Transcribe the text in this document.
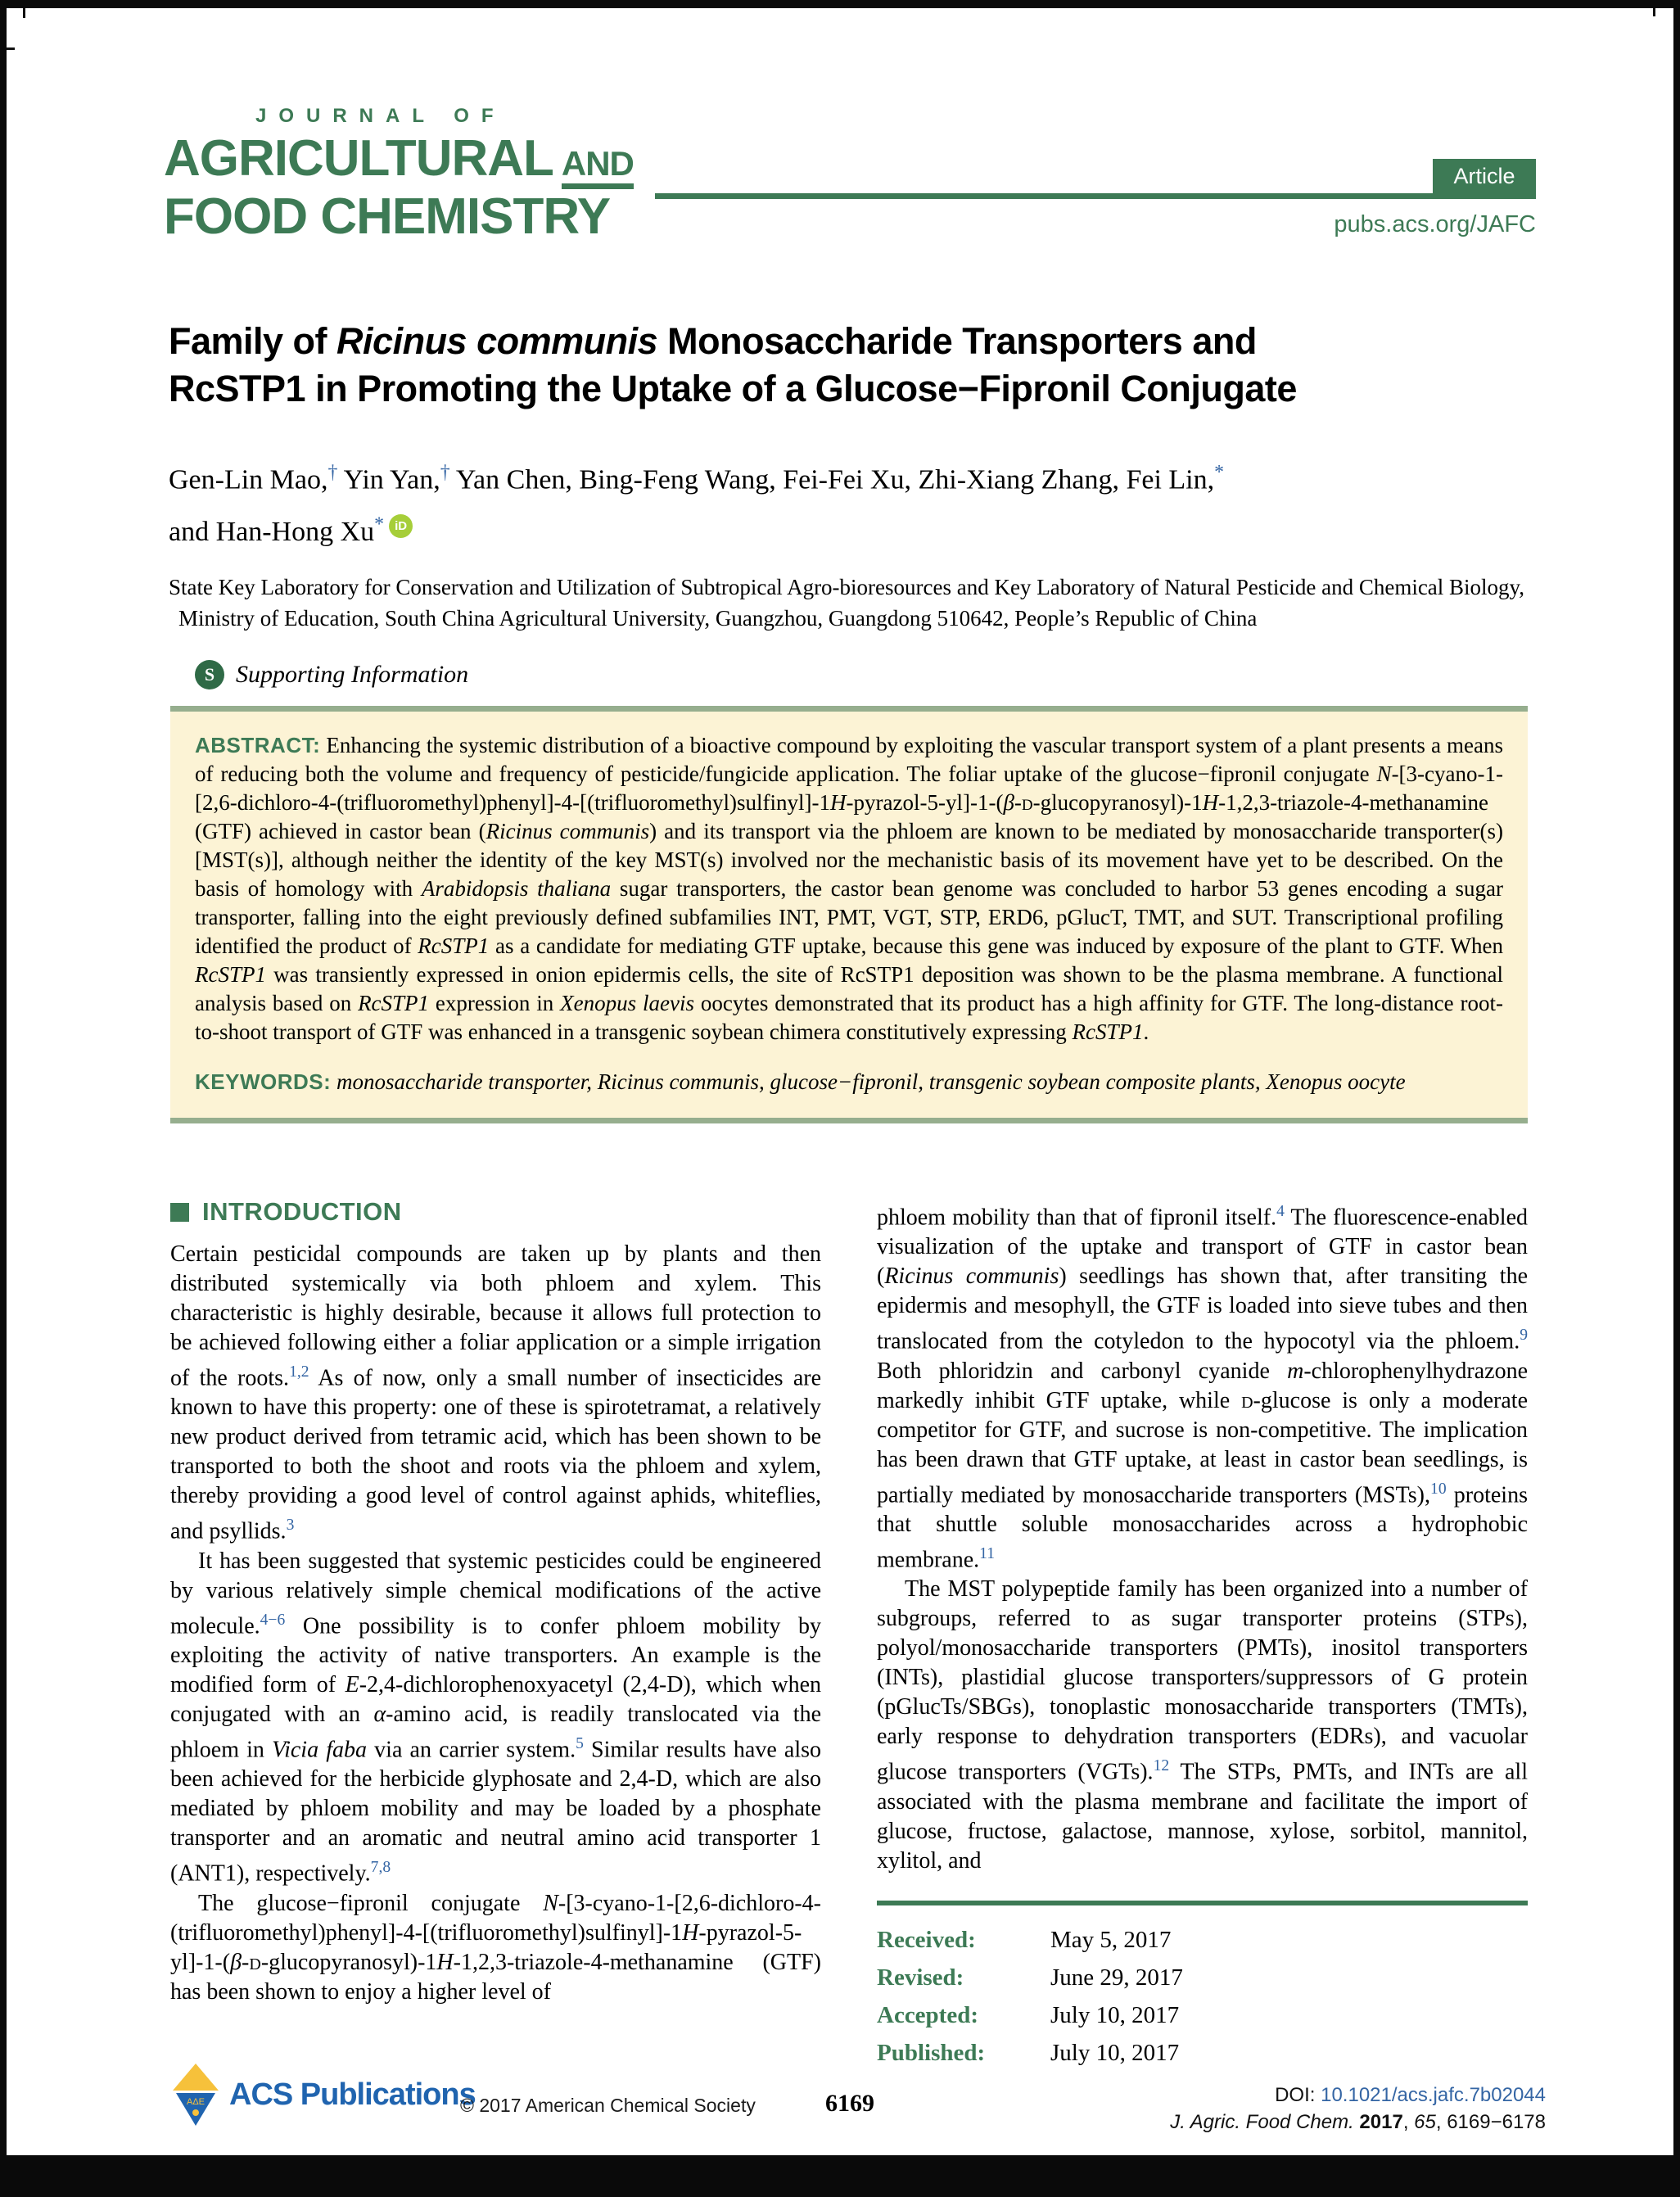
JOURNAL OF
AGRICULTURAL AND
FOOD CHEMISTRY
Article
pubs.acs.org/JAFC
Family of Ricinus communis Monosaccharide Transporters and
RcSTP1 in Promoting the Uptake of a Glucose−Fipronil Conjugate
Gen-Lin Mao,† Yin Yan,† Yan Chen, Bing-Feng Wang, Fei-Fei Xu, Zhi-Xiang Zhang, Fei Lin,*
and Han-Hong Xu* iD
State Key Laboratory for Conservation and Utilization of Subtropical Agro-bioresources and Key Laboratory of Natural Pesticide and Chemical Biology, Ministry of Education, South China Agricultural University, Guangzhou, Guangdong 510642, People’s Republic of China
S Supporting Information

ABSTRACT: Enhancing the systemic distribution of a bioactive compound by exploiting the vascular transport system of a plant presents a means of reducing both the volume and frequency of pesticide/fungicide application. The foliar uptake of the glucose−fipronil conjugate N-[3-cyano-1-[2,6-dichloro-4-(trifluoromethyl)phenyl]-4-[(trifluoromethyl)sulfinyl]-1H-pyrazol-5-yl]-1-(β-d-glucopyranosyl)-1H-1,2,3-triazole-4-methanamine (GTF) achieved in castor bean (Ricinus communis) and its transport via the phloem are known to be mediated by monosaccharide transporter(s) [MST(s)], although neither the identity of the key MST(s) involved nor the mechanistic basis of its movement have yet to be described. On the basis of homology with Arabidopsis thaliana sugar transporters, the castor bean genome was concluded to harbor 53 genes encoding a sugar transporter, falling into the eight previously defined subfamilies INT, PMT, VGT, STP, ERD6, pGlucT, TMT, and SUT. Transcriptional profiling identified the product of RcSTP1 as a candidate for mediating GTF uptake, because this gene was induced by exposure of the plant to GTF. When RcSTP1 was transiently expressed in onion epidermis cells, the site of RcSTP1 deposition was shown to be the plasma membrane. A functional analysis based on RcSTP1 expression in Xenopus laevis oocytes demonstrated that its product has a high affinity for GTF. The long-distance root-to-shoot transport of GTF was enhanced in a transgenic soybean chimera constitutively expressing RcSTP1.

KEYWORDS: monosaccharide transporter, Ricinus communis, glucose−fipronil, transgenic soybean composite plants, Xenopus oocyte

INTRODUCTION

Certain pesticidal compounds are taken up by plants and then distributed systemically via both phloem and xylem. This characteristic is highly desirable, because it allows full protection to be achieved following either a foliar application or a simple irrigation of the roots.$^{1,2}$ As of now, only a small number of insecticides are known to have this property: one of these is spirotetramat, a relatively new product derived from tetramic acid, which has been shown to be transported to both the shoot and roots via the phloem and xylem, thereby providing a good level of control against aphids, whiteflies, and psyllids.$^3$

It has been suggested that systemic pesticides could be engineered by various relatively simple chemical modifications of the active molecule.$^{4-6}$ One possibility is to confer phloem mobility by exploiting the activity of native transporters. An example is the modified form of E-2,4-dichlorophenoxyacetyl (2,4-D), which when conjugated with an α-amino acid, is readily translocated via the phloem in Vicia faba via an carrier system.$^5$ Similar results have also been achieved for the herbicide glyphosate and 2,4-D, which are also mediated by phloem mobility and may be loaded by a phosphate transporter and an aromatic and neutral amino acid transporter 1 (ANT1), respectively.$^{7,8}$

The glucose−fipronil conjugate N-[3-cyano-1-[2,6-dichloro-4-(trifluoromethyl)phenyl]-4-[(trifluoromethyl)sulfinyl]-1H-pyrazol-5-yl]-1-(β-d-glucopyranosyl)-1H-1,2,3-triazole-4-methanamine (GTF) has been shown to enjoy a higher level of

phloem mobility than that of fipronil itself.$^4$ The fluorescence-enabled visualization of the uptake and transport of GTF in castor bean (Ricinus communis) seedlings has shown that, after transiting the epidermis and mesophyll, the GTF is loaded into sieve tubes and then translocated from the cotyledon to the hypocotyl via the phloem.$^9$ Both phloridzin and carbonyl cyanide m-chlorophenylhydrazone markedly inhibit GTF uptake, while d-glucose is only a moderate competitor for GTF, and sucrose is non-competitive. The implication has been drawn that GTF uptake, at least in castor bean seedlings, is partially mediated by monosaccharide transporters (MSTs),$^{10}$ proteins that shuttle soluble monosaccharides across a hydrophobic membrane.$^{11}$

The MST polypeptide family has been organized into a number of subgroups, referred to as sugar transporter proteins (STPs), polyol/monosaccharide transporters (PMTs), inositol transporters (INTs), plastidial glucose transporters/suppressors of G protein (pGlucTs/SBGs), tonoplastic monosaccharide transporters (TMTs), early response to dehydration transporters (EDRs), and vacuolar glucose transporters (VGTs).$^{12}$ The STPs, PMTs, and INTs are all associated with the plasma membrane and facilitate the import of glucose, fructose, galactose, mannose, xylose, sorbitol, mannitol, xylitol, and

Received:	May 5, 2017
Revised:	June 29, 2017
Accepted:	July 10, 2017
Published:	July 10, 2017
AΔE ACS Publications
© 2017 American Chemical Society	6169	DOI: 10.1021/acs.jafc.7b02044
J. Agric. Food Chem. 2017, 65, 6169−6178
